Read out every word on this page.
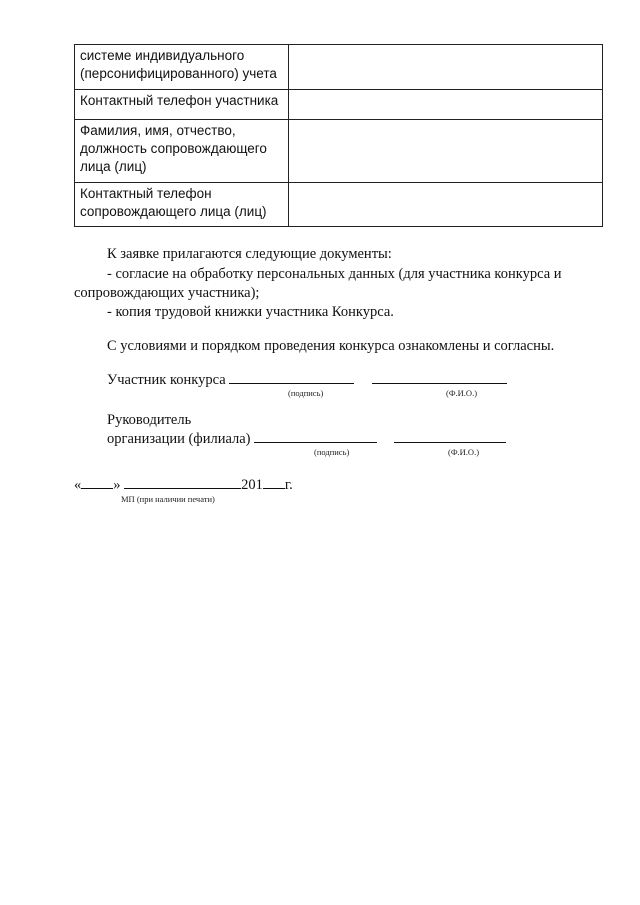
системе индивидуального
(персонифицированного) учета	

Контактный телефон участника	

Фамилия, имя, отчество,
должность сопровождающего
лица (лиц)	

Контактный телефон
сопровождающего лица (лиц)	

К заявке прилагаются следующие документы:
- согласие на обработку персональных данных (для участника конкурса и
сопровождающих участника);
- копия трудовой книжки участника Конкурса.
С условиями и порядком проведения конкурса ознакомлены и согласны.
Участник конкурса
(подпись)	(Ф.И.О.)
Руководитель
организации (филиала)
(подпись)	(Ф.И.О.)
« »	201 г.
МП (при наличии печати)
